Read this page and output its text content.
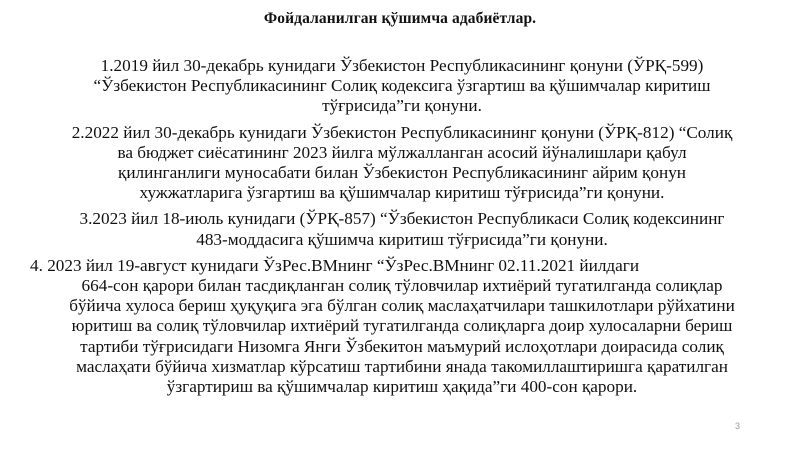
Фойдаланилган қўшимча адабиётлар.
1.2019 йил 30-декабрь кунидаги Ўзбекистон Республикасининг қонуни (ЎРҚ-599)
“Ўзбекистон Республикасининг Солиқ кодексига ўзгартиш ва қўшимчалар киритиш
тўғрисида”ги қонуни.
2.2022 йил 30-декабрь кунидаги Ўзбекистон Республикасининг қонуни (ЎРҚ-812) “Солиқ
ва бюджет сиёсатининг 2023 йилга мўлжалланган асосий йўналишлари қабул
қилинганлиги муносабати билан Ўзбекистон Республикасининг айрим қонун
хужжатларига ўзгартиш ва қўшимчалар киритиш тўғрисида”ги қонуни.
3.2023 йил 18-июль кунидаги (ЎРҚ-857) “Ўзбекистон Республикаси Солиқ кодексининг
483-моддасига қўшимча киритиш тўғрисида”ги қонуни.
4. 2023 йил 19-август кунидаги ЎзРес.ВМнинг “ЎзРес.ВМнинг 02.11.2021 йилдаги
664-сон қарори билан тасдиқланган солиқ тўловчилар ихтиёрий тугатилганда солиқлар
бўйича хулоса бериш ҳуқуқига эга бўлган солиқ маслаҳатчилари ташкилотлари рўйхатини
юритиш ва солиқ тўловчилар ихтиёрий тугатилганда солиқларга доир хулосаларни бериш
тартиби тўғрисидаги Низомга Янги Ўзбекитон маъмурий ислоҳотлари доирасида солиқ
маслаҳати бўйича хизматлар кўрсатиш тартибини янада такомиллаштиришга қаратилган
ўзгартириш ва қўшимчалар киритиш ҳақида”ги 400-сон қарори.
3
